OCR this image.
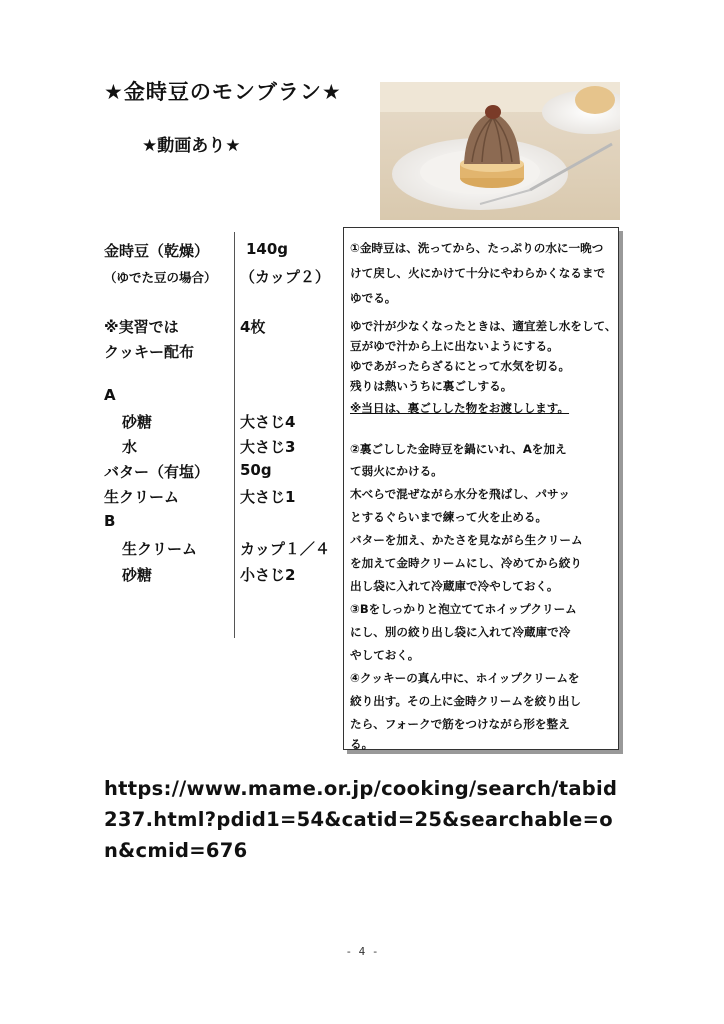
★金時豆のモンブラン★
★動画あり★
金時豆（乾燥） 140g
（ゆでた豆の場合） （カップ２）
※実習では	4枚
クッキー配布
A
砂糖	大さじ4
水	大さじ3
バター（有塩） 50g
生クリーム	大さじ1
B
生クリーム	カップ１／４
砂糖	小さじ2
①金時豆は、洗ってから、たっぷりの水に一晩つ
けて戻し、火にかけて十分にやわらかくなるまで
ゆでる。
ゆで汁が少なくなったときは、適宜差し水をして、
豆がゆで汁から上に出ないようにする。
ゆであがったらざるにとって水気を切る。
残りは熱いうちに裏ごしする。
※当日は、裏ごしした物をお渡しします。
②裏ごしした金時豆を鍋にいれ、Aを加え
て弱火にかける。
木べらで混ぜながら水分を飛ばし、パサッ
とするぐらいまで練って火を止める。
バターを加え、かたさを見ながら生クリーム
を加えて金時クリームにし、冷めてから絞り
出し袋に入れて冷蔵庫で冷やしておく。
③Bをしっかりと泡立ててホイップクリーム
にし、別の絞り出し袋に入れて冷蔵庫で冷
やしておく。
④クッキーの真ん中に、ホイップクリームを
絞り出す。その上に金時クリームを絞り出し
たら、フォークで筋をつけながら形を整え
る。
https://www.mame.or.jp/cooking/search/tabid237.html?pdid1=54&catid=25&searchable=on&cmid=676
- 4 -
